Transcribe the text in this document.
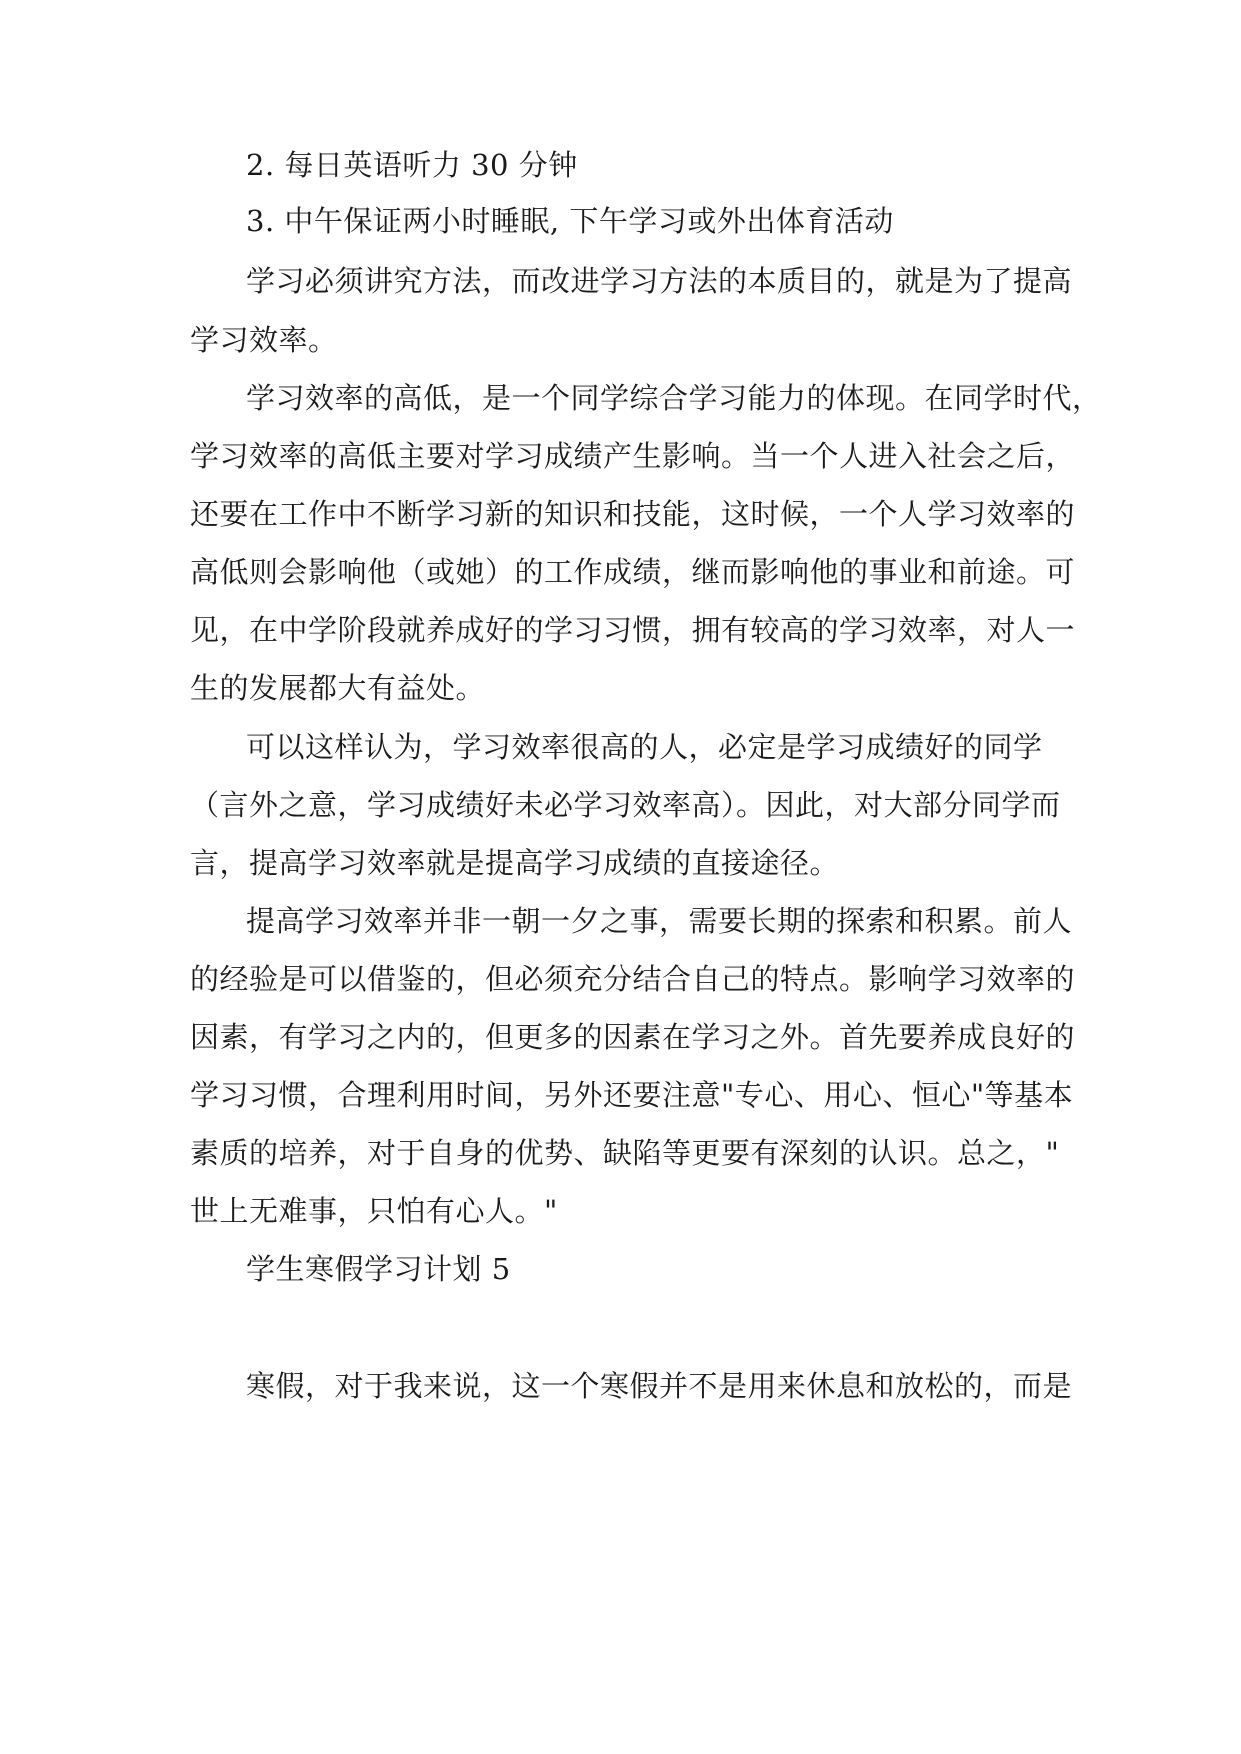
2. 每日英语听力 30 分钟
3. 中午保证两小时睡眠, 下午学习或外出体育活动
学习必须讲究方法，而改进学习方法的本质目的，就是为了提高
学习效率。
学习效率的高低，是一个同学综合学习能力的体现。在同学时代，
学习效率的高低主要对学习成绩产生影响。当一个人进入社会之后，
还要在工作中不断学习新的知识和技能，这时候，一个人学习效率的
高低则会影响他（或她）的工作成绩，继而影响他的事业和前途。可
见，在中学阶段就养成好的学习习惯，拥有较高的学习效率，对人一
生的发展都大有益处。
可以这样认为，学习效率很高的人，必定是学习成绩好的同学
（言外之意，学习成绩好未必学习效率高）。因此，对大部分同学而
言，提高学习效率就是提高学习成绩的直接途径。
提高学习效率并非一朝一夕之事，需要长期的探索和积累。前人
的经验是可以借鉴的，但必须充分结合自己的特点。影响学习效率的
因素，有学习之内的，但更多的因素在学习之外。首先要养成良好的
学习习惯，合理利用时间，另外还要注意"专心、用心、恒心"等基本
素质的培养，对于自身的优势、缺陷等更要有深刻的认识。总之，"
世上无难事，只怕有心人。"
学生寒假学习计划 5
寒假，对于我来说，这一个寒假并不是用来休息和放松的，而是
